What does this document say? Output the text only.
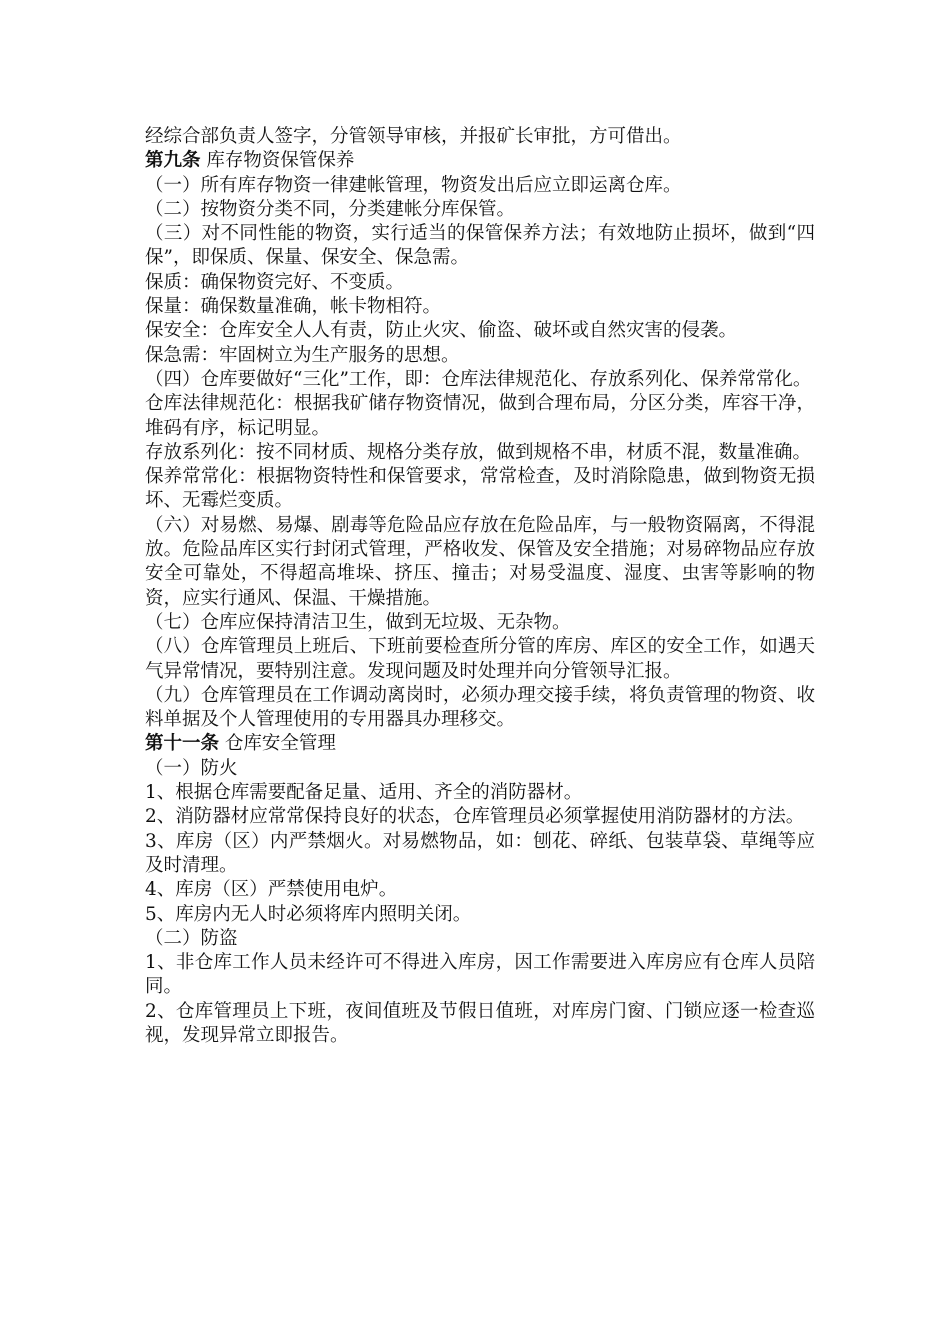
经综合部负责人签字，分管领导审核，并报矿长审批，方可借出。

第九条 库存物资保管保养

（一）所有库存物资一律建帐管理，物资发出后应立即运离仓库。

（二）按物资分类不同，分类建帐分库保管。

（三）对不同性能的物资，实行适当的保管保养方法；有效地防止损坏，做到“四保”，即保质、保量、保安全、保急需。

保质：确保物资完好、不变质。

保量：确保数量准确，帐卡物相符。

保安全：仓库安全人人有责，防止火灾、偷盗、破坏或自然灾害的侵袭。

保急需：牢固树立为生产服务的思想。

（四）仓库要做好“三化”工作，即：仓库法律规范化、存放系列化、保养常常化。

仓库法律规范化：根据我矿储存物资情况，做到合理布局，分区分类，库容干净，堆码有序，标记明显。

存放系列化：按不同材质、规格分类存放，做到规格不串，材质不混，数量准确。

保养常常化：根据物资特性和保管要求，常常检查，及时消除隐患，做到物资无损坏、无霉烂变质。

（六）对易燃、易爆、剧毒等危险品应存放在危险品库，与一般物资隔离，不得混放。危险品库区实行封闭式管理，严格收发、保管及安全措施；对易碎物品应存放安全可靠处，不得超高堆垛、挤压、撞击；对易受温度、湿度、虫害等影响的物资，应实行通风、保温、干燥措施。

（七）仓库应保持清洁卫生，做到无垃圾、无杂物。

（八）仓库管理员上班后、下班前要检查所分管的库房、库区的安全工作，如遇天气异常情况，要特别注意。发现问题及时处理并向分管领导汇报。

（九）仓库管理员在工作调动离岗时，必须办理交接手续，将负责管理的物资、收料单据及个人管理使用的专用器具办理移交。

第十一条 仓库安全管理

（一）防火

1、根据仓库需要配备足量、适用、齐全的消防器材。

2、消防器材应常常保持良好的状态，仓库管理员必须掌握使用消防器材的方法。

3、库房（区）内严禁烟火。对易燃物品，如：刨花、碎纸、包装草袋、草绳等应及时清理。

4、库房（区）严禁使用电炉。

5、库房内无人时必须将库内照明关闭。

（二）防盗

1、非仓库工作人员未经许可不得进入库房，因工作需要进入库房应有仓库人员陪同。

2、仓库管理员上下班，夜间值班及节假日值班，对库房门窗、门锁应逐一检查巡视，发现异常立即报告。
